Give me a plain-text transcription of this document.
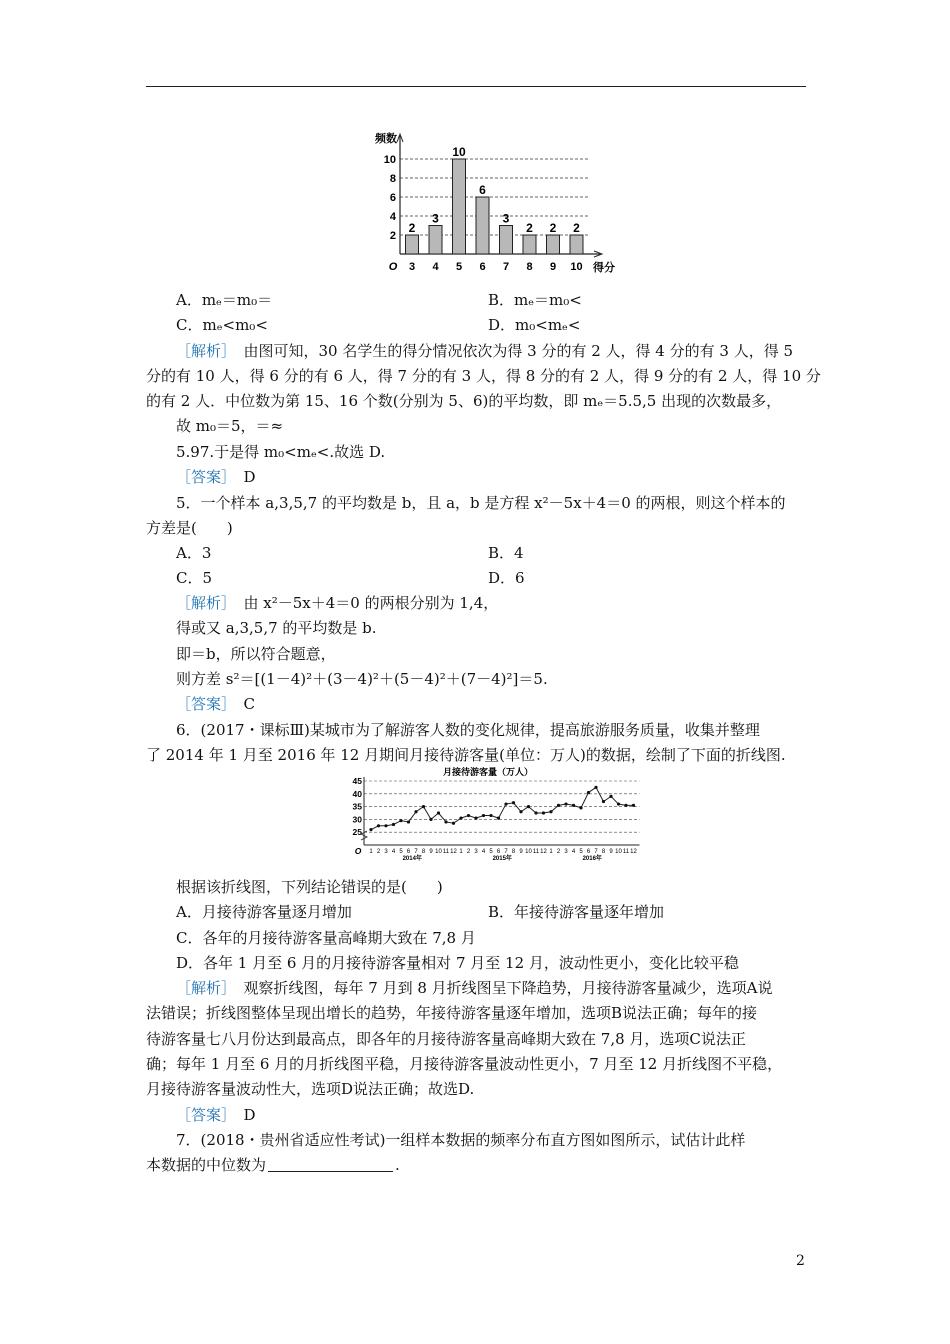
2
4
6
8
10
频数
O	得分
2
3
3
4
10
5
6
6
3
7
2
8
2
9
2
10
A．mₑ＝m₀＝	B．mₑ＝m₀<
C．mₑ<m₀<	D．m₀<mₑ<
［解析］　由图可知，30 名学生的得分情况依次为得 3 分的有 2 人，得 4 分的有 3 人，得 5
分的有 10 人，得 6 分的有 6 人，得 7 分的有 3 人，得 8 分的有 2 人，得 9 分的有 2 人，得 10 分
的有 2 人．中位数为第 15、16 个数(分别为 5、6)的平均数，即 mₑ＝5.5,5 出现的次数最多，
故 m₀＝5，＝≈
5.97.于是得 m₀<mₑ<.故选 D.
［答案］　D
5．一个样本 a,3,5,7 的平均数是 b，且 a，b 是方程 x²－5x＋4＝0 的两根，则这个样本的
方差是(　　)
A．3	B．4
C．5	D．6
［解析］　由 x²－5x＋4＝0 的两根分别为 1,4，
得或又 a,3,5,7 的平均数是 b.
即＝b，所以符合题意，
则方差 s²＝[(1－4)²＋(3－4)²＋(5－4)²＋(7－4)²]＝5.
［答案］　C
6．(2017・课标Ⅲ)某城市为了解游客人数的变化规律，提高旅游服务质量，收集并整理
了 2014 年 1 月至 2016 年 12 月期间月接待游客量(单位：万人)的数据，绘制了下面的折线图.
月接待游客量（万人）
25
30
35
40
45
O 1 2 3 4 5 6 7 8 9 10 11 12 1 2 3 4 5 6 7 8 9 10 11 12 1 2 3 4 5 6 7 8 9 10 11 12
2014年	2015年	2016年
根据该折线图，下列结论错误的是(　　)
A．月接待游客量逐月增加	B．年接待游客量逐年增加
C．各年的月接待游客量高峰期大致在 7,8 月
D．各年 1 月至 6 月的月接待游客量相对 7 月至 12 月，波动性更小，变化比较平稳
［解析］　观察折线图，每年 7 月到 8 月折线图呈下降趋势，月接待游客量减少，选项A说
法错误；折线图整体呈现出增长的趋势，年接待游客量逐年增加，选项B说法正确；每年的接
待游客量七八月份达到最高点，即各年的月接待游客量高峰期大致在 7,8 月，选项C说法正
确；每年 1 月至 6 月的月折线图平稳，月接待游客量波动性更小，7 月至 12 月折线图不平稳，
月接待游客量波动性大，选项D说法正确；故选D.
［答案］　D
7．(2018・贵州省适应性考试)一组样本数据的频率分布直方图如图所示，试估计此样
本数据的中位数为	.
2
